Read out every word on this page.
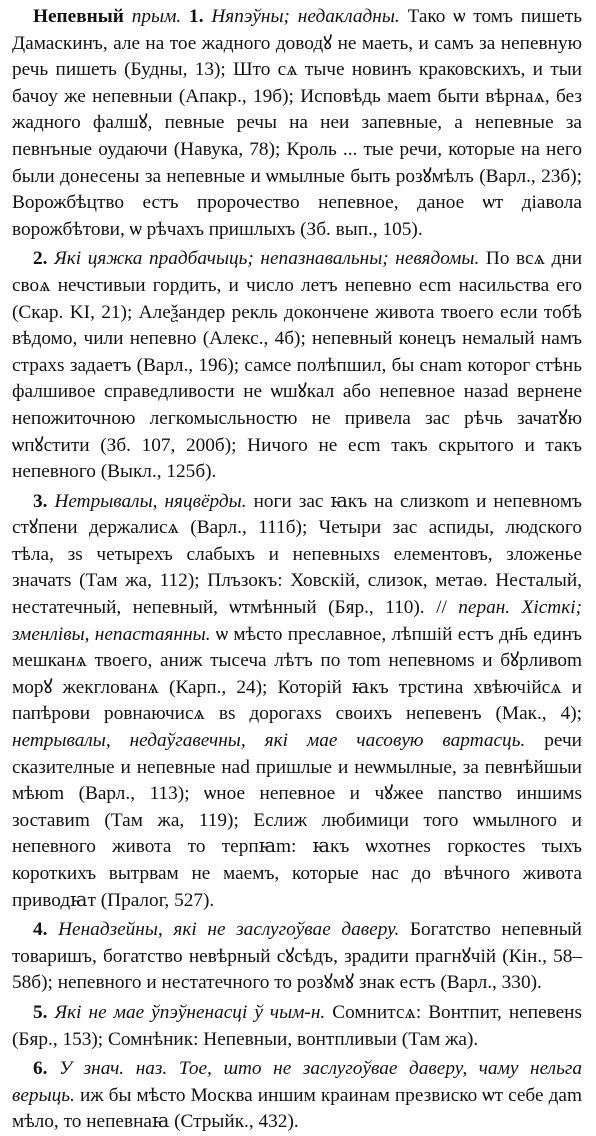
Непевный прым. 1. Няпэўны; недакладны. Тако ѡ томъ пишеть Дамаскинъ, але на тое жадного доводꙋ не маеть, и самъ за непевную речь пишеть (Будны, 13); Што сѧ тыче новинъ краковскихъ, и тыи бачоу же непевныи (Апакр., 19б); Исповѣдь маеm быти вѣрнаѧ, без жадного фалшꙋ, певные речы на неи запевные, а непевные за певнъные оудаючи (Навука, 78); Кроль ... тые речи, которые на него были донесены за непевные и ѡмылные быть розꙋмѣлъ (Варл., 23б); Ворожбѣцтво естъ пророчество непевное, даное ѡт дiавола ворожбѣтови, ѡ рѣчахъ пришлыхъ (Зб. вып., 105).

2. Які цяжка прадбачыць; непазнавальны; невядомы. По всѧ дни своѧ нечстивыи гордить, и число летъ непевно есm насильства его (Скар. KI, 21); Алеѯандер рекль докончене живота твоего если тобѣ вѣдомо, чили непевно (Алекс., 4б); непевный конецъ немалый намъ страхѕ задаетъ (Варл., 196); самсе полѣпшил, бы снаm которог стѣнь фалшивое справедливости не ѡшꙋкал або непевное назаd вернене непожиточною легкомысльностю не привела заc рѣчь зачатꙋю ѡпꙋстити (Зб. 107, 200б); Ничого не есm такъ скрытого и такъ непевного (Выкл., 125б).

3. Нетрывалы, няцвёрды. ноги заc ꙗкъ на слизкоm и непевномъ стꙋпени держалисѧ (Варл., 111б); Четыри заc аспиды, людского тѣла, зѕ четырехъ слабыхъ и непевныхѕ елементовъ, зложенье значатѕ (Там жа, 112); Плъзокъ: Ховскій, слизок, метаѳ. Несталый, нестатечный, непевный, ѡтмѣнный (Бяр., 110). // перан. Хісткі; зменлівы, непастаянны. ѡ мѣсто преславное, лѣпшій естъ дн҃ь единъ мешканѧ твоего, аниж тысеча лѣтъ по тоm непевномѕ и бꙋрливоm морꙋ жекглованѧ (Карп., 24); Которій ꙗкъ трстина хвѣючійсѧ и папѣрови ровнаючисѧ вѕ дорогахѕ своихъ непевенъ (Мак., 4); нетрывалы, недаўгавечны, які мае часовую вартасць. речи сказителные и непевные наd пришлые и неѡмылные, за певнѣйшыи мѣюm (Варл., 113); ѡное непевное и чꙋжее паnство иншимѕ зоставиm (Там жа, 119); Еслиж любимици того ѡмылного и непевного живота то терпꙗm: ꙗкъ ѡхотнеѕ горкостеѕ тыхъ короткихъ вытрвам не маемъ, которые наc до вѣчного живота приводꙗт (Пралог, 527).

4. Ненадзейны, які не заслугоўвае даверу. Богатство непевный товаришъ, богатство невѣрный сꙋсѣдъ, зрадити прагнꙋчій (Кін., 58–58б); непевного и нестатечного то розꙋмꙋ знак естъ (Варл., 330).

5. Які не мае ўпэўненасці ў чым-н. Сомнитсѧ: Вонтпит, непевенѕ (Бяр., 153); Сомнѣник: Непевныи, вонтпливыи (Там жа).

6. У знач. наз. Тое, што не заслугоўвае даверу, чаму нельга верыць. иж бы мѣсто Москва иншим краинам презвиско ѡт себе даm мѣло, то непевнаꙗ (Стрыйк., 432).
